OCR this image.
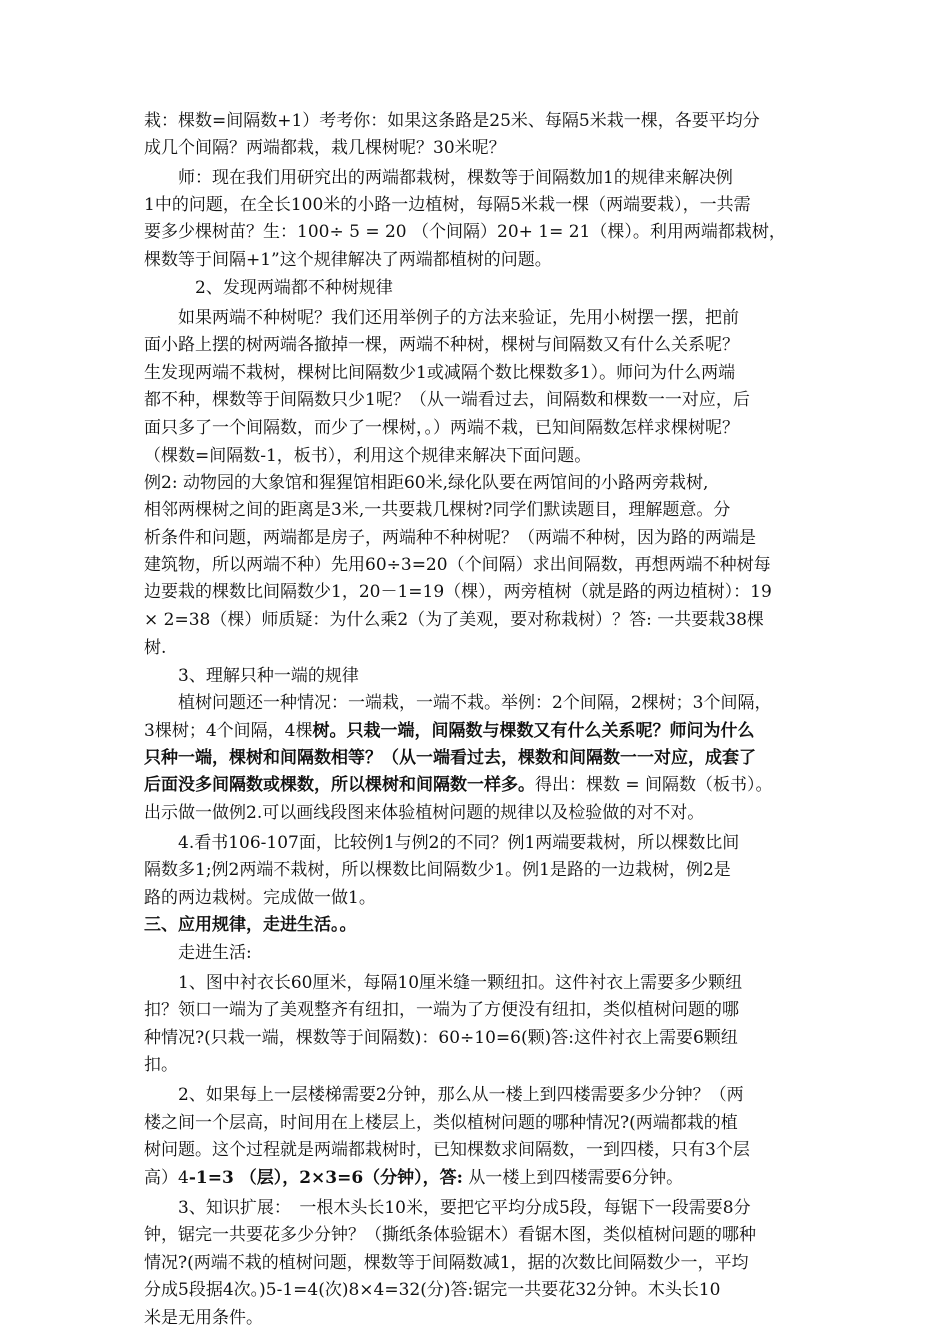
栽：棵数=间隔数+1）考考你：如果这条路是25米、每隔5米栽一棵，各要平均分
成几个间隔？两端都栽，栽几棵树呢？30米呢？
　　师：现在我们用研究出的两端都栽树，棵数等于间隔数加1的规律来解决例
1中的问题，在全长100米的小路一边植树，每隔5米栽一棵（两端要栽），一共需
要多少棵树苗？生：100÷ 5 = 20 （个间隔）20+ 1= 21（棵）。利用两端都栽树，
棵数等于间隔+1”这个规律解决了两端都植树的问题。
　　　2、发现两端都不种树规律
　　如果两端不种树呢？我们还用举例子的方法来验证，先用小树摆一摆，把前
面小路上摆的树两端各撤掉一棵，两端不种树，棵树与间隔数又有什么关系呢？
生发现两端不栽树，棵树比间隔数少1或减隔个数比棵数多1）。师问为什么两端
都不种，棵数等于间隔数只少1呢？（从一端看过去，间隔数和棵数一一对应，后
面只多了一个间隔数，而少了一棵树，。）两端不栽，已知间隔数怎样求棵树呢？
（棵数=间隔数-1，板书），利用这个规律来解决下面问题。
例2: 动物园的大象馆和猩猩馆相距60米,绿化队要在两馆间的小路两旁栽树,
相邻两棵树之间的距离是3米,一共要栽几棵树?同学们默读题目，理解题意。分
析条件和问题，两端都是房子，两端种不种树呢？（两端不种树，因为路的两端是
建筑物，所以两端不种）先用60÷3=20（个间隔）求出间隔数，再想两端不种树每
边要栽的棵数比间隔数少1，20－1=19（棵），两旁植树（就是路的两边植树）：19
× 2=38（棵）师质疑：为什么乘2（为了美观，要对称栽树）？答: 一共要栽38棵
树.
　　3、理解只种一端的规律
　　植树问题还一种情况：一端栽，一端不栽。举例：2个间隔，2棵树；3个间隔，
3棵树；4个间隔，4棵树。只栽一端，间隔数与棵数又有什么关系呢？师问为什么
只种一端，棵树和间隔数相等？（从一端看过去，棵数和间隔数一一对应，成套了
后面没多间隔数或棵数，所以棵树和间隔数一样多。得出：棵数 = 间隔数（板书）。
出示做一做例2.可以画线段图来体验植树问题的规律以及检验做的对不对。
　　4.看书106-107面，比较例1与例2的不同？例1两端要栽树，所以棵数比间
隔数多1;例2两端不栽树，所以棵数比间隔数少1。例1是路的一边栽树，例2是
路的两边栽树。完成做一做1。
三、应用规律，走进生活。。
　　走进生活:
　　1、图中衬衣长60厘米，每隔10厘米缝一颗纽扣。这件衬衣上需要多少颗纽
扣？领口一端为了美观整齐有纽扣，一端为了方便没有纽扣，类似植树问题的哪
种情况?(只栽一端，棵数等于间隔数)：60÷10=6(颗)答:这件衬衣上需要6颗纽
扣。
　　2、如果每上一层楼梯需要2分钟，那么从一楼上到四楼需要多少分钟？（两
楼之间一个层高，时间用在上楼层上，类似植树问题的哪种情况?(两端都栽的植
树问题。这个过程就是两端都栽树时，已知棵数求间隔数，一到四楼，只有3个层
高）4-1=3 （层），2×3=6（分钟），答: 从一楼上到四楼需要6分钟。
　　3、知识扩展：　一根木头长10米，要把它平均分成5段，每锯下一段需要8分
钟，锯完一共要花多少分钟？（撕纸条体验锯木）看锯木图，类似植树问题的哪种
情况?(两端不栽的植树问题，棵数等于间隔数减1，据的次数比间隔数少一，平均
分成5段据4次。)5-1=4(次)8×4=32(分)答:锯完一共要花32分钟。木头长10
米是无用条件。
